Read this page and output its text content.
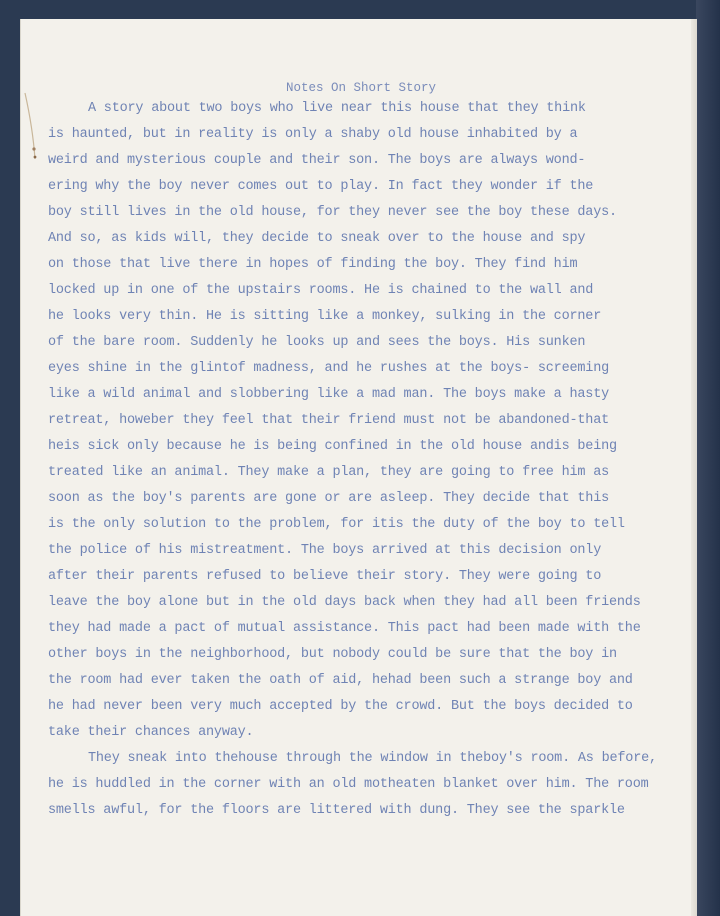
Notes On Short Story
A story about two boys who live near this house that they think
is haunted, but in reality is only a shaby old house inhabited by a
weird and mysterious couple and their son. The boys are always wond-
ering why the boy never comes out to play. In fact they wonder if the
boy still lives in the old house, for they never see the boy these days.
And so, as kids will, they decide to sneak over to the house and spy
on those that live there in hopes of finding the boy. They find him
locked up in one of the upstairs rooms. He is chained to the wall and
he looks very thin. He is sitting like a monkey, sulking in the corner
of the bare room. Suddenly he looks up and sees the boys. His sunken
eyes shine in the glintof madness, and he rushes at the boys- screeming
like a wild animal and slobbering like a mad man. The boys make a hasty
retreat, howeber they feel that their friend must not be abandoned-that
heis sick only because he is being confined in the old house andis being
treated like an animal. They make a plan, they are going to free him as
soon as the boy's parents are gone or are asleep. They decide that this
is the only solution to the problem, for itis the duty of the boy to tell
the police of his mistreatment. The boys arrived at this decision only
after their parents refused to believe their story. They were going to
leave the boy alone but in the old days back when they had all been friends
they had made a pact of mutual assistance. This pact had been made with the
other boys in the neighborhood, but nobody could be sure that the boy in
the room had ever taken the oath of aid, hehad been such a strange boy and
he had never been very much accepted by the crowd. But the boys decided to
take their chances anyway.
They sneak into thehouse through the window in theboy's room. As before,
he is huddled in the corner with an old motheaten blanket over him. The room
smells awful, for the floors are littered with dung. They see the sparkle
